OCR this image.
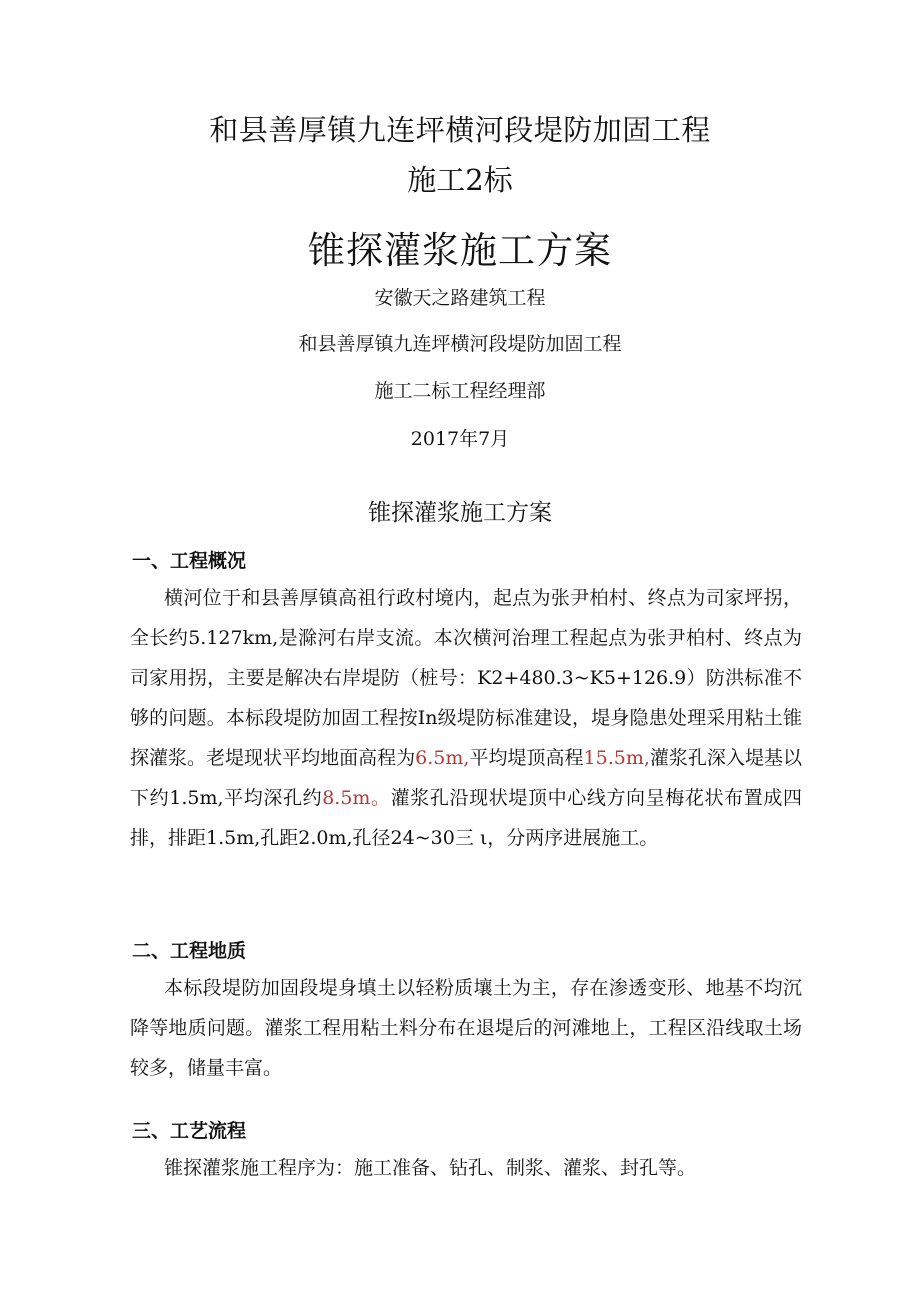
和县善厚镇九连坪横河段堤防加固工程
施工2标
锥探灌浆施工方案
安徽天之路建筑工程
和县善厚镇九连坪横河段堤防加固工程
施工二标工程经理部
2017年7月
锥探灌浆施工方案
一、工程概况
横河位于和县善厚镇高祖行政村境内，起点为张尹柏村、终点为司家坪拐，全长约5.127km,是滁河右岸支流。本次横河治理工程起点为张尹柏村、终点为司家用拐，主要是解决右岸堤防（桩号：K2+480.3~K5+126.9）防洪标准不够的问题。本标段堤防加固工程按In级堤防标准建设，堤身隐患处理采用粘土锥探灌浆。老堤现状平均地面高程为6.5m,平均堤顶高程15.5m,灌浆孔深入堤基以下约1.5m,平均深孔约8.5m。灌浆孔沿现状堤顶中心线方向呈梅花状布置成四排，排距1.5m,孔距2.0m,孔径24~30三 ι，分两序进展施工。
二、工程地质
本标段堤防加固段堤身填土以轻粉质壤土为主，存在渗透变形、地基不均沉降等地质问题。灌浆工程用粘土料分布在退堤后的河滩地上，工程区沿线取土场较多，储量丰富。
三、工艺流程
锥探灌浆施工程序为：施工准备、钻孔、制浆、灌浆、封孔等。
